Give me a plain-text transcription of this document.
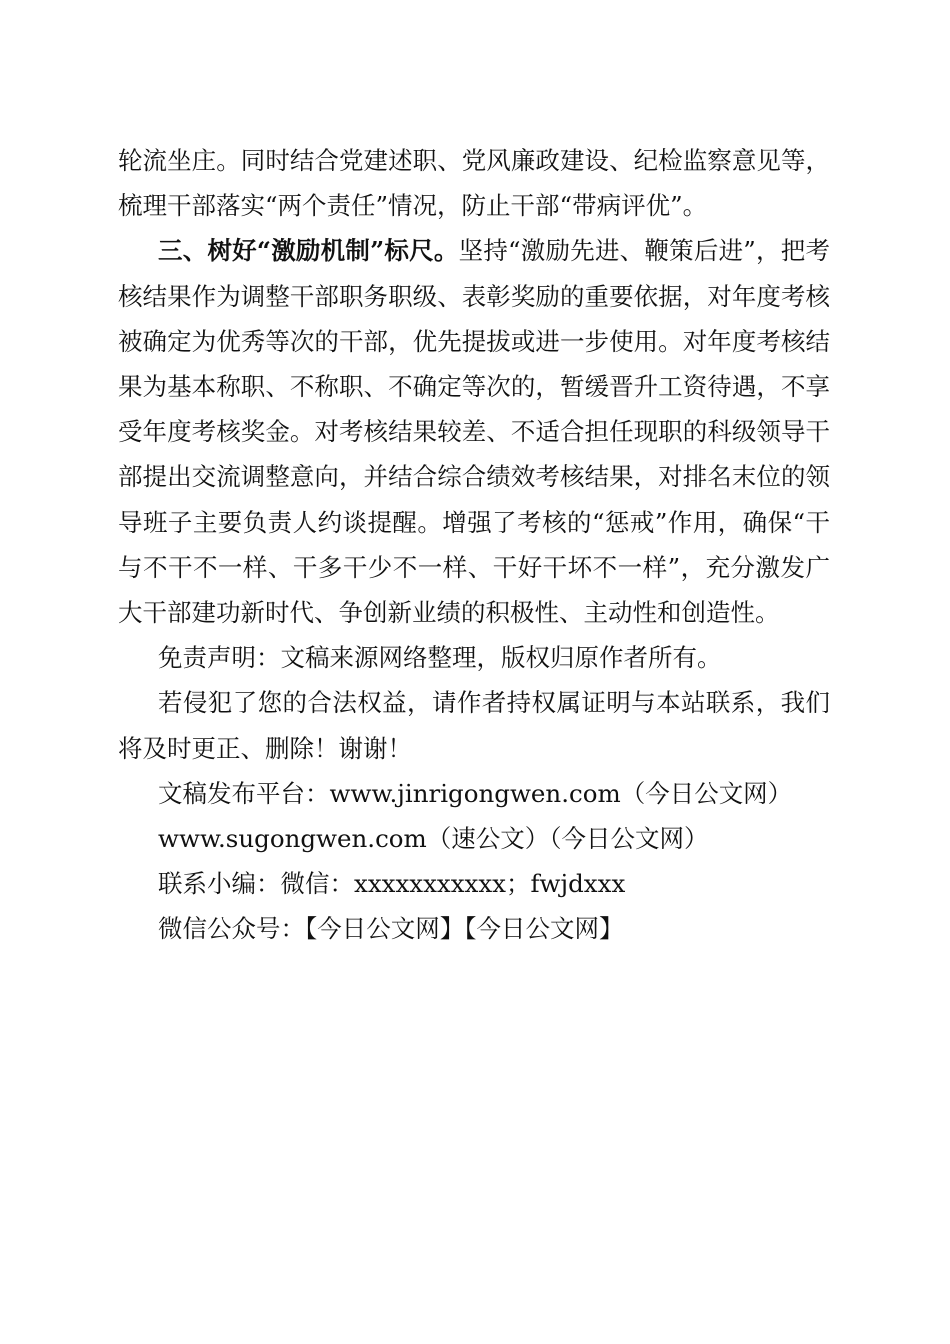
轮流坐庄。同时结合党建述职、党风廉政建设、纪检监察意见等，梳理干部落实“两个责任”情况，防止干部“带病评优”。

三、树好“激励机制”标尺。坚持“激励先进、鞭策后进”，把考核结果作为调整干部职务职级、表彰奖励的重要依据，对年度考核被确定为优秀等次的干部，优先提拔或进一步使用。对年度考核结果为基本称职、不称职、不确定等次的，暂缓晋升工资待遇，不享受年度考核奖金。对考核结果较差、不适合担任现职的科级领导干部提出交流调整意向，并结合综合绩效考核结果，对排名末位的领导班子主要负责人约谈提醒。增强了考核的“惩戒”作用，确保“干与不干不一样、干多干少不一样、干好干坏不一样”，充分激发广大干部建功新时代、争创新业绩的积极性、主动性和创造性。

免责声明：文稿来源网络整理，版权归原作者所有。

若侵犯了您的合法权益，请作者持权属证明与本站联系，我们将及时更正、删除！谢谢！

文稿发布平台：www.jinrigongwen.com（今日公文网）
www.sugongwen.com（速公文）（今日公文网）
联系小编：微信：xxxxxxxxxxx；fwjdxxx
微信公众号：【今日公文网】【今日公文网】
